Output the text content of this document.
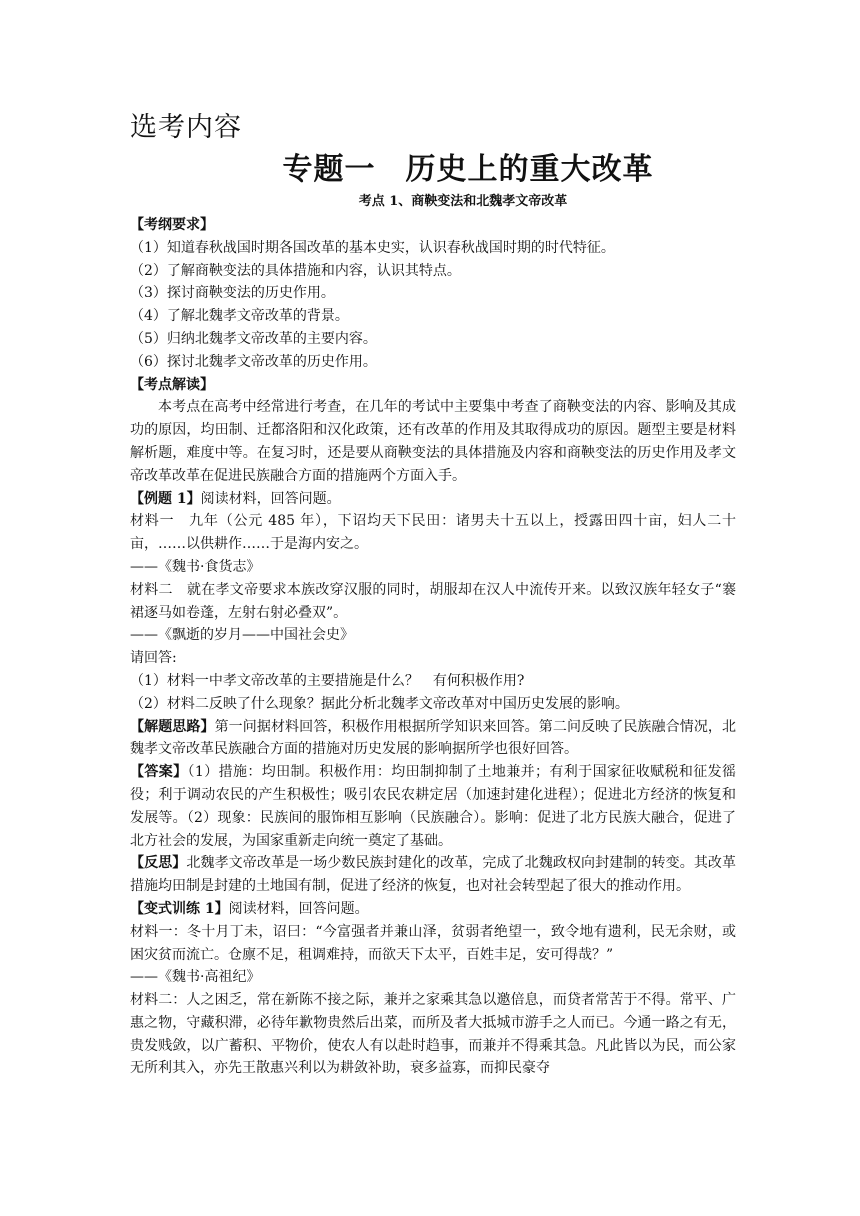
选考内容
专题一 历史上的重大改革

考点 1、商鞅变法和北魏孝文帝改革

【考纲要求】

（1）知道春秋战国时期各国改革的基本史实，认识春秋战国时期的时代特征。

（2）了解商鞅变法的具体措施和内容，认识其特点。

（3）探讨商鞅变法的历史作用。

（4）了解北魏孝文帝改革的背景。

（5）归纳北魏孝文帝改革的主要内容。

（6）探讨北魏孝文帝改革的历史作用。

【考点解读】

本考点在高考中经常进行考查，在几年的考试中主要集中考查了商鞅变法的内容、影响及其成功的原因，均田制、迁都洛阳和汉化政策，还有改革的作用及其取得成功的原因。题型主要是材料解析题，难度中等。在复习时，还是要从商鞅变法的具体措施及内容和商鞅变法的历史作用及孝文帝改革改革在促进民族融合方面的措施两个方面入手。

【例题 1】阅读材料，回答问题。

材料一　九年（公元 485 年），下诏均天下民田：诸男夫十五以上，授露田四十亩，妇人二十亩，……以供耕作……于是海内安之。

——《魏书·食货志》

材料二　就在孝文帝要求本族改穿汉服的同时，胡服却在汉人中流传开来。以致汉族年轻女子“褰裙逐马如卷蓬，左射右射必叠双”。

——《飘逝的岁月——中国社会史》

请回答:

（1）材料一中孝文帝改革的主要措施是什么？　有何积极作用?

（2）材料二反映了什么现象？据此分析北魏孝文帝改革对中国历史发展的影响。

【解题思路】第一问据材料回答，积极作用根据所学知识来回答。第二问反映了民族融合情况，北魏孝文帝改革民族融合方面的措施对历史发展的影响据所学也很好回答。

【答案】（1）措施：均田制。积极作用：均田制抑制了土地兼并；有利于国家征收赋税和征发徭役；利于调动农民的产生积极性；吸引农民农耕定居（加速封建化进程）；促进北方经济的恢复和发展等。（2）现象：民族间的服饰相互影响（民族融合）。影响：促进了北方民族大融合，促进了北方社会的发展，为国家重新走向统一奠定了基础。

【反思】北魏孝文帝改革是一场少数民族封建化的改革，完成了北魏政权向封建制的转变。其改革措施均田制是封建的土地国有制，促进了经济的恢复，也对社会转型起了很大的推动作用。

【变式训练 1】阅读材料，回答问题。

材料一：冬十月丁未，诏曰：“今富强者并兼山泽，贫弱者绝望一，致令地有遗利，民无余财，或困灾贫而流亡。仓廪不足，租调难持，而欲天下太平，百姓丰足，安可得哉？”

——《魏书·高祖纪》

材料二：人之困乏，常在新陈不接之际，兼并之家乘其急以邀倍息，而贷者常苦于不得。常平、广惠之物，守藏积滞，必待年歉物贵然后出菜，而所及者大抵城市游手之人而已。今通一路之有无，贵发贱敛，以广蓄积、平物价，使农人有以赴时趋事，而兼并不得乘其急。凡此皆以为民，而公家无所利其入，亦先王散惠兴利以为耕敛补助，衰多益寡，而抑民豪夺
